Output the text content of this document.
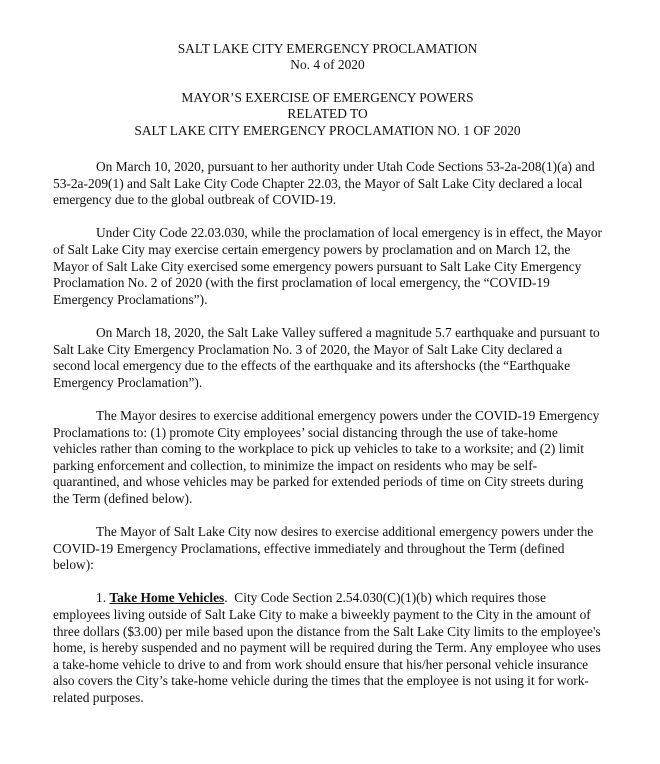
SALT LAKE CITY EMERGENCY PROCLAMATION
No. 4 of 2020
MAYOR’S EXERCISE OF EMERGENCY POWERS
RELATED TO
SALT LAKE CITY EMERGENCY PROCLAMATION NO. 1 OF 2020

On March 10, 2020, pursuant to her authority under Utah Code Sections 53-2a-208(1)(a) and 53-2a-209(1) and Salt Lake City Code Chapter 22.03, the Mayor of Salt Lake City declared a local emergency due to the global outbreak of COVID-19.

Under City Code 22.03.030, while the proclamation of local emergency is in effect, the Mayor of Salt Lake City may exercise certain emergency powers by proclamation and on March 12, the Mayor of Salt Lake City exercised some emergency powers pursuant to Salt Lake City Emergency Proclamation No. 2 of 2020 (with the first proclamation of local emergency, the “COVID-19 Emergency Proclamations”).

On March 18, 2020, the Salt Lake Valley suffered a magnitude 5.7 earthquake and pursuant to Salt Lake City Emergency Proclamation No. 3 of 2020, the Mayor of Salt Lake City declared a second local emergency due to the effects of the earthquake and its aftershocks (the “Earthquake Emergency Proclamation”).

The Mayor desires to exercise additional emergency powers under the COVID-19 Emergency Proclamations to: (1) promote City employees’ social distancing through the use of take-home vehicles rather than coming to the workplace to pick up vehicles to take to a worksite; and (2) limit parking enforcement and collection, to minimize the impact on residents who may be self-quarantined, and whose vehicles may be parked for extended periods of time on City streets during the Term (defined below).

The Mayor of Salt Lake City now desires to exercise additional emergency powers under the COVID-19 Emergency Proclamations, effective immediately and throughout the Term (defined below):

1. Take Home Vehicles. City Code Section 2.54.030(C)(1)(b) which requires those employees living outside of Salt Lake City to make a biweekly payment to the City in the amount of three dollars ($3.00) per mile based upon the distance from the Salt Lake City limits to the employee's home, is hereby suspended and no payment will be required during the Term. Any employee who uses a take-home vehicle to drive to and from work should ensure that his/her personal vehicle insurance also covers the City’s take-home vehicle during the times that the employee is not using it for work-related purposes.
